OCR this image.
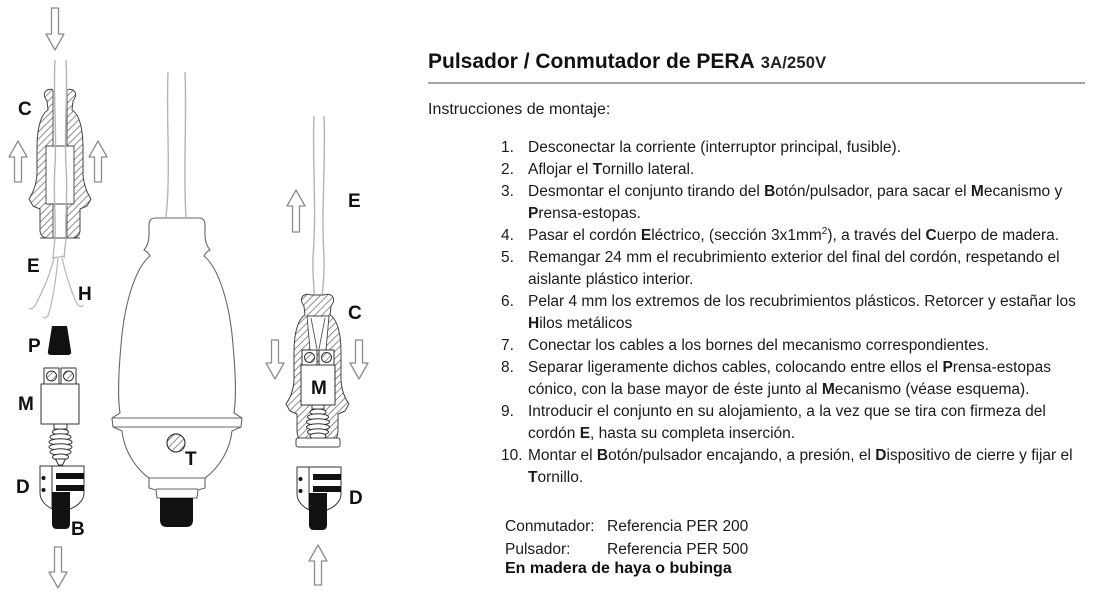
C
E
H
P
M
D
B
T
E
C
M
D
Pulsador / Conmutador de PERA 3A/250V
Instrucciones de montaje:
1. Desconectar la corriente (interruptor principal, fusible).
2. Aflojar el Tornillo lateral.
3. Desmontar el conjunto tirando del Botón/pulsador, para sacar el Mecanismo y Prensa-estopas.
4. Pasar el cordón Eléctrico, (sección $3x1mm^2$), a través del Cuerpo de madera.
5. Remangar 24 mm el recubrimiento exterior del final del cordón, respetando el aislante plástico interior.
6. Pelar 4 mm los extremos de los recubrimientos plásticos. Retorcer y estañar los Hilos metálicos
7. Conectar los cables a los bornes del mecanismo correspondientes.
8. Separar ligeramente dichos cables, colocando entre ellos el Prensa-estopas cónico, con la base mayor de éste junto al Mecanismo (véase esquema).
9. Introducir el conjunto en su alojamiento, a la vez que se tira con firmeza del cordón E, hasta su completa inserción.
10. Montar el Botón/pulsador encajando, a presión, el Dispositivo de cierre y fijar el Tornillo.
Conmutador: Referencia PER 200
Pulsador:	Referencia PER 500
En madera de haya o bubinga
